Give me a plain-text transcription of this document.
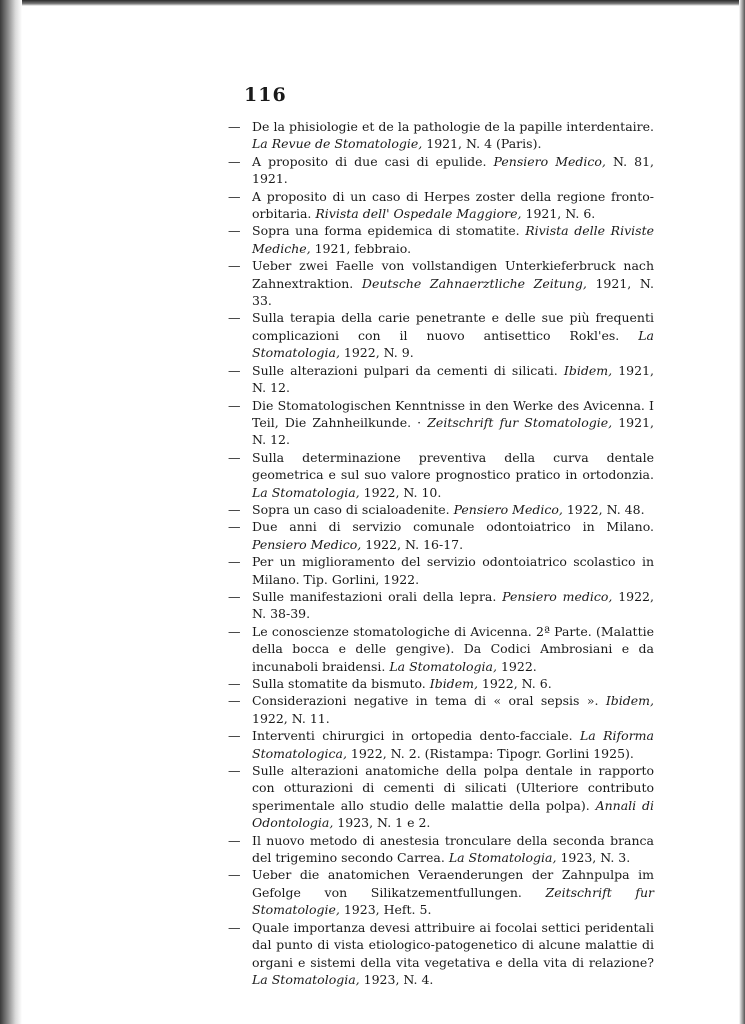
116
— De la phisiologie et de la pathologie de la papille interdentaire. La Revue de Stomatologie, 1921, N. 4 (Paris).
— A proposito di due casi di epulide. Pensiero Medico, N. 81, 1921.
— A proposito di un caso di Herpes zoster della regione fronto-orbitaria. Rivista dell' Ospedale Maggiore, 1921, N. 6.
— Sopra una forma epidemica di stomatite. Rivista delle Riviste Mediche, 1921, febbraio.
— Ueber zwei Faelle von vollstandigen Unterkieferbruck nach Zahnextraktion. Deutsche Zahnaerztliche Zeitung, 1921, N. 33.
— Sulla terapia della carie penetrante e delle sue più frequenti complicazioni con il nuovo antisettico Rokl'es. La Stomatologia, 1922, N. 9.
— Sulle alterazioni pulpari da cementi di silicati. Ibidem, 1921, N. 12.
— Die Stomatologischen Kenntnisse in den Werke des Avicenna. I Teil, Die Zahnheilkunde. · Zeitschrift fur Stomatologie, 1921, N. 12.
— Sulla determinazione preventiva della curva dentale geometrica e sul suo valore prognostico pratico in ortodonzia. La Stomatologia, 1922, N. 10.
— Sopra un caso di scialoadenite. Pensiero Medico, 1922, N. 48.
— Due anni di servizio comunale odontoiatrico in Milano. Pensiero Medico, 1922, N. 16-17.
— Per un miglioramento del servizio odontoiatrico scolastico in Milano. Tip. Gorlini, 1922.
— Sulle manifestazioni orali della lepra. Pensiero medico, 1922, N. 38-39.
— Le conoscienze stomatologiche di Avicenna. 2ª Parte. (Malattie della bocca e delle gengive). Da Codici Ambrosiani e da incunaboli braidensi. La Stomatologia, 1922.
— Sulla stomatite da bismuto. Ibidem, 1922, N. 6.
— Considerazioni negative in tema di « oral sepsis ». Ibidem, 1922, N. 11.
— Interventi chirurgici in ortopedia dento-facciale. La Riforma Stomatologica, 1922, N. 2. (Ristampa: Tipogr. Gorlini 1925).
— Sulle alterazioni anatomiche della polpa dentale in rapporto con otturazioni di cementi di silicati (Ulteriore contributo sperimentale allo studio delle malattie della polpa). Annali di Odontologia, 1923, N. 1 e 2.
— Il nuovo metodo di anestesia tronculare della seconda branca del trigemino secondo Carrea. La Stomatologia, 1923, N. 3.
— Ueber die anatomichen Veraenderungen der Zahnpulpa im Gefolge von Silikatzementfullungen. Zeitschrift fur Stomatologie, 1923, Heft. 5.
— Quale importanza devesi attribuire ai focolai settici peridentali dal punto di vista etiologico-patogenetico di alcune malattie di organi e sistemi della vita vegetativa e della vita di relazione? La Stomatologia, 1923, N. 4.
